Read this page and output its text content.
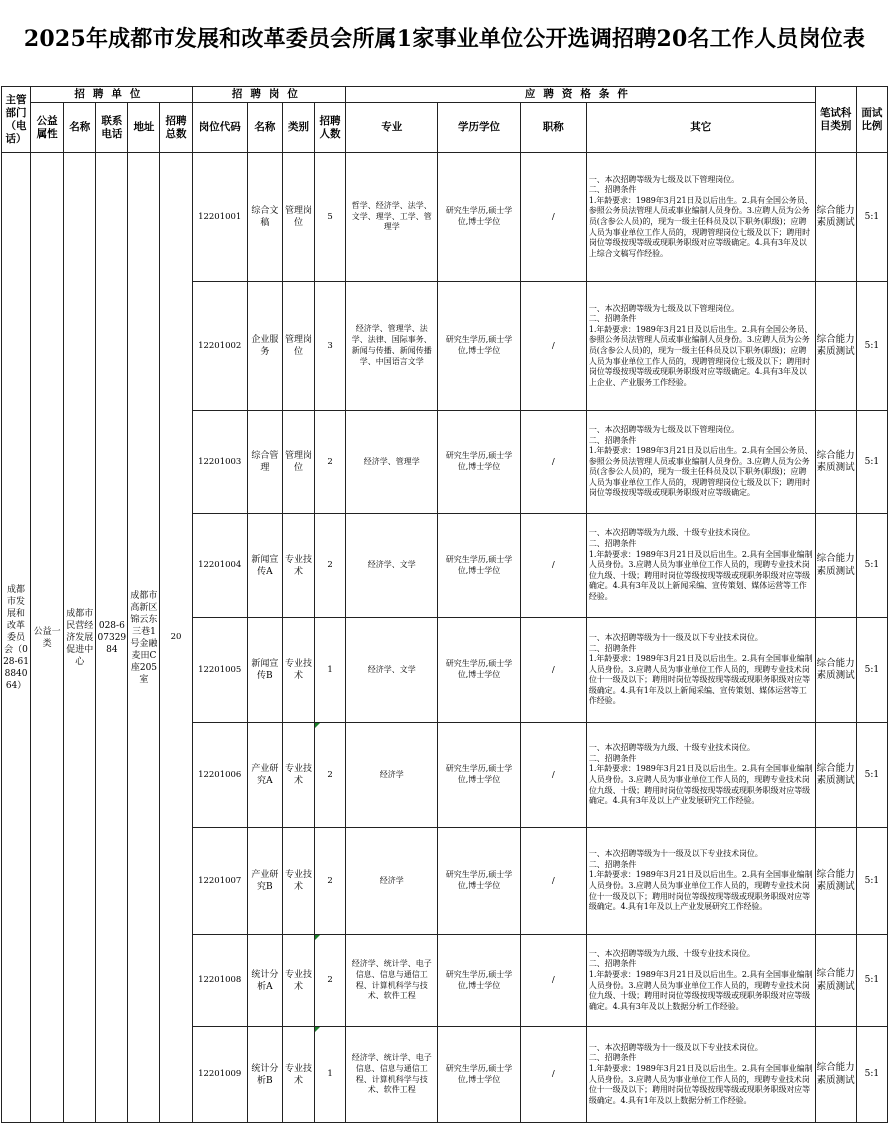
2025年成都市发展和改革委员会所属1家事业单位公开选调招聘20名工作人员岗位表
主管部门（电话）	招聘单位					招聘岗位				应聘资格条件				笔试科目类别	面试比例
	公益属性	名称	联系电话	地址	招聘总数	岗位代码	名称	类别	招聘人数	专业	学历学位	职称	其它		
成都市发展和改革委员会（028-61884064）	公益一类	成都市民营经济发展促进中心	028-60732984	成都市高新区锦云东三巷1号金融麦田C座205室	20	12201001	综合文稿	管理岗位	5	哲学、经济学、法学、文学、理学、工学、管理学	研究生学历,硕士学位,博士学位	/	一、本次招聘等级为七级及以下管理岗位。
二、招聘条件
1.年龄要求：1989年3月21日及以后出生。2.具有全国公务员、参照公务员法管理人员或事业编制人员身份。3.应聘人员为公务员(含参公人员)的，现为一级主任科员及以下职务(职级)；应聘人员为事业单位工作人员的，现聘管理岗位七级及以下；聘用时岗位等级按现等级或现职务职级对应等级确定。4.具有3年及以上综合文稿写作经验。	综合能力素质测试	5:1
						12201002	企业服务	管理岗位	3	经济学、管理学、法学、法律、国际事务、新闻与传播、新闻传播学、中国语言文学	研究生学历,硕士学位,博士学位	/	一、本次招聘等级为七级及以下管理岗位。
二、招聘条件
1.年龄要求：1989年3月21日及以后出生。2.具有全国公务员、参照公务员法管理人员或事业编制人员身份。3.应聘人员为公务员(含参公人员)的，现为一级主任科员及以下职务(职级)；应聘人员为事业单位工作人员的，现聘管理岗位七级及以下；聘用时岗位等级按现等级或现职务职级对应等级确定。4.具有3年及以上企业、产业服务工作经验。	综合能力素质测试	5:1
						12201003	综合管理	管理岗位	2	经济学、管理学	研究生学历,硕士学位,博士学位	/	一、本次招聘等级为七级及以下管理岗位。
二、招聘条件
1.年龄要求：1989年3月21日及以后出生。2.具有全国公务员、参照公务员法管理人员或事业编制人员身份。3.应聘人员为公务员(含参公人员)的，现为一级主任科员及以下职务(职级)；应聘人员为事业单位工作人员的，现聘管理岗位七级及以下；聘用时岗位等级按现等级或现职务职级对应等级确定。	综合能力素质测试	5:1
						12201004	新闻宣传A	专业技术	2	经济学、文学	研究生学历,硕士学位,博士学位	/	一、本次招聘等级为九级、十级专业技术岗位。
二、招聘条件
1.年龄要求：1989年3月21日及以后出生。2.具有全国事业编制人员身份。3.应聘人员为事业单位工作人员的，现聘专业技术岗位九级、十级；聘用时岗位等级按现等级或现职务职级对应等级确定。4.具有3年及以上新闻采编、宣传策划、媒体运营等工作经验。	综合能力素质测试	5:1
						12201005	新闻宣传B	专业技术	1	经济学、文学	研究生学历,硕士学位,博士学位	/	一、本次招聘等级为十一级及以下专业技术岗位。
二、招聘条件
1.年龄要求：1989年3月21日及以后出生。2.具有全国事业编制人员身份。3.应聘人员为事业单位工作人员的，现聘专业技术岗位十一级及以下；聘用时岗位等级按现等级或现职务职级对应等级确定。4.具有1年及以上新闻采编、宣传策划、媒体运营等工作经验。	综合能力素质测试	5:1
						12201006	产业研究A	专业技术	2	经济学	研究生学历,硕士学位,博士学位	/	一、本次招聘等级为九级、十级专业技术岗位。
二、招聘条件
1.年龄要求：1989年3月21日及以后出生。2.具有全国事业编制人员身份。3.应聘人员为事业单位工作人员的，现聘专业技术岗位九级、十级；聘用时岗位等级按现等级或现职务职级对应等级确定。4.具有3年及以上产业发展研究工作经验。	综合能力素质测试	5:1
						12201007	产业研究B	专业技术	2	经济学	研究生学历,硕士学位,博士学位	/	一、本次招聘等级为十一级及以下专业技术岗位。
二、招聘条件
1.年龄要求：1989年3月21日及以后出生。2.具有全国事业编制人员身份。3.应聘人员为事业单位工作人员的，现聘专业技术岗位十一级及以下；聘用时岗位等级按现等级或现职务职级对应等级确定。4.具有1年及以上产业发展研究工作经验。	综合能力素质测试	5:1
						12201008	统计分析A	专业技术	2	经济学、统计学、电子信息、信息与通信工程、计算机科学与技术、软件工程	研究生学历,硕士学位,博士学位	/	一、本次招聘等级为九级、十级专业技术岗位。
二、招聘条件
1.年龄要求：1989年3月21日及以后出生。2.具有全国事业编制人员身份。3.应聘人员为事业单位工作人员的，现聘专业技术岗位九级、十级；聘用时岗位等级按现等级或现职务职级对应等级确定。4.具有3年及以上数据分析工作经验。	综合能力素质测试	5:1
						12201009	统计分析B	专业技术	1	经济学、统计学、电子信息、信息与通信工程、计算机科学与技术、软件工程	研究生学历,硕士学位,博士学位	/	一、本次招聘等级为十一级及以下专业技术岗位。
二、招聘条件
1.年龄要求：1989年3月21日及以后出生。2.具有全国事业编制人员身份。3.应聘人员为事业单位工作人员的，现聘专业技术岗位十一级及以下；聘用时岗位等级按现等级或现职务职级对应等级确定。4.具有1年及以上数据分析工作经验。	综合能力素质测试	5:1
